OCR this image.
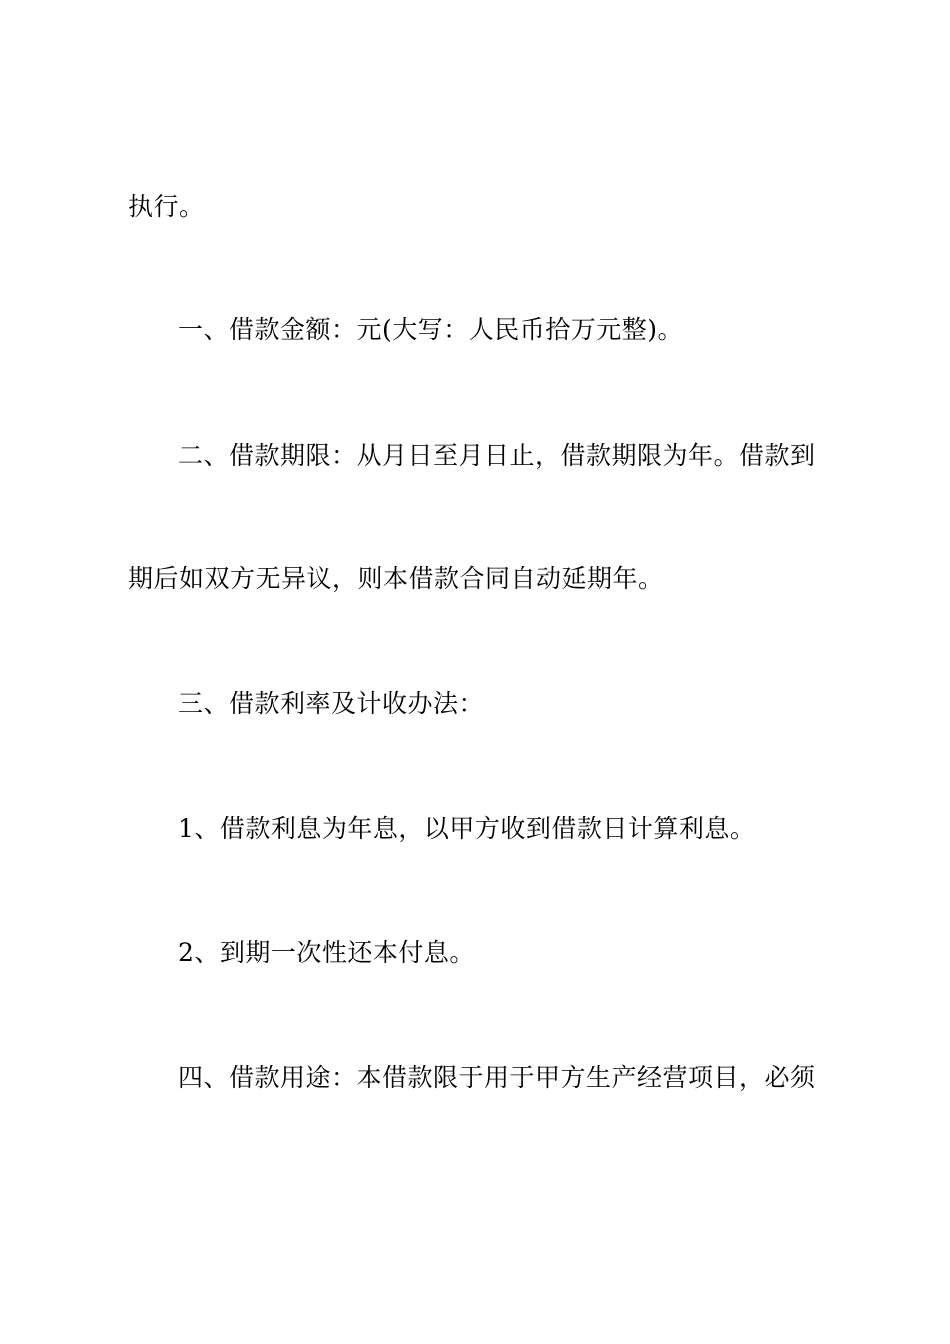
执行。
一、借款金额：元(大写：人民币拾万元整)。
二、借款期限：从月日至月日止，借款期限为年。借款到
期后如双方无异议，则本借款合同自动延期年。
三、借款利率及计收办法：
1、借款利息为年息，以甲方收到借款日计算利息。
2、到期一次性还本付息。
四、借款用途：本借款限于用于甲方生产经营项目，必须
